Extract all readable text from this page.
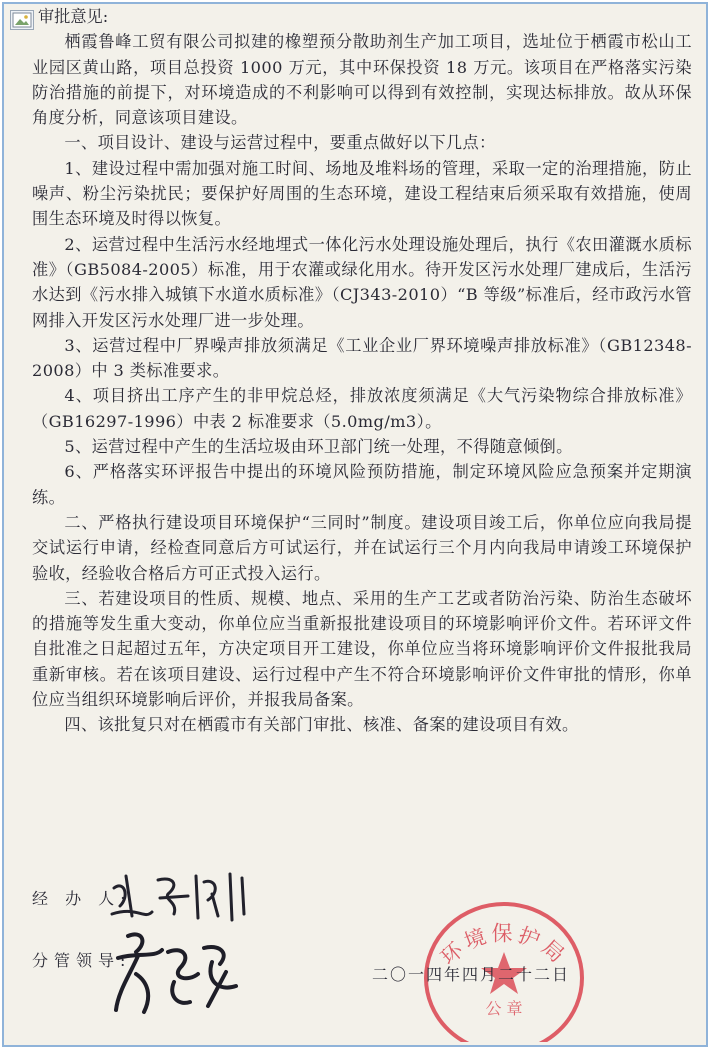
审批意见:

栖霞鲁峰工贸有限公司拟建的橡塑预分散助剂生产加工项目，选址位于栖霞市松山工业园区黄山路，项目总投资 1000 万元，其中环保投资 18 万元。该项目在严格落实污染防治措施的前提下，对环境造成的不利影响可以得到有效控制，实现达标排放。故从环保角度分析，同意该项目建设。

一、项目设计、建设与运营过程中，要重点做好以下几点：

1、建设过程中需加强对施工时间、场地及堆料场的管理，采取一定的治理措施，防止噪声、粉尘污染扰民；要保护好周围的生态环境，建设工程结束后须采取有效措施，使周围生态环境及时得以恢复。

2、运营过程中生活污水经地埋式一体化污水处理设施处理后，执行《农田灌溉水质标准》（GB5084-2005）标准，用于农灌或绿化用水。待开发区污水处理厂建成后，生活污水达到《污水排入城镇下水道水质标准》（CJ343-2010）“B 等级”标准后，经市政污水管网排入开发区污水处理厂进一步处理。

3、运营过程中厂界噪声排放须满足《工业企业厂界环境噪声排放标准》（GB12348-2008）中 3 类标准要求。

4、项目挤出工序产生的非甲烷总烃，排放浓度须满足《大气污染物综合排放标准》（GB16297-1996）中表 2 标准要求（5.0mg/m3）。

5、运营过程中产生的生活垃圾由环卫部门统一处理，不得随意倾倒。

6、严格落实环评报告中提出的环境风险预防措施，制定环境风险应急预案并定期演练。

二、严格执行建设项目环境保护“三同时”制度。建设项目竣工后，你单位应向我局提交试运行申请，经检查同意后方可试运行，并在试运行三个月内向我局申请竣工环境保护验收，经验收合格后方可正式投入运行。

三、若建设项目的性质、规模、地点、采用的生产工艺或者防治污染、防治生态破坏的措施等发生重大变动，你单位应当重新报批建设项目的环境影响评价文件。若环评文件自批准之日起超过五年，方决定项目开工建设，你单位应当将环境影响评价文件报批我局重新审核。若在该项目建设、运行过程中产生不符合环境影响评价文件审批的情形，你单位应当组织环境影响后评价，并报我局备案。

四、该批复只对在栖霞市有关部门审批、核准、备案的建设项目有效。

经 办 人:
分管领导:	环境保护局
公 章
二〇一四年四月二十二日
